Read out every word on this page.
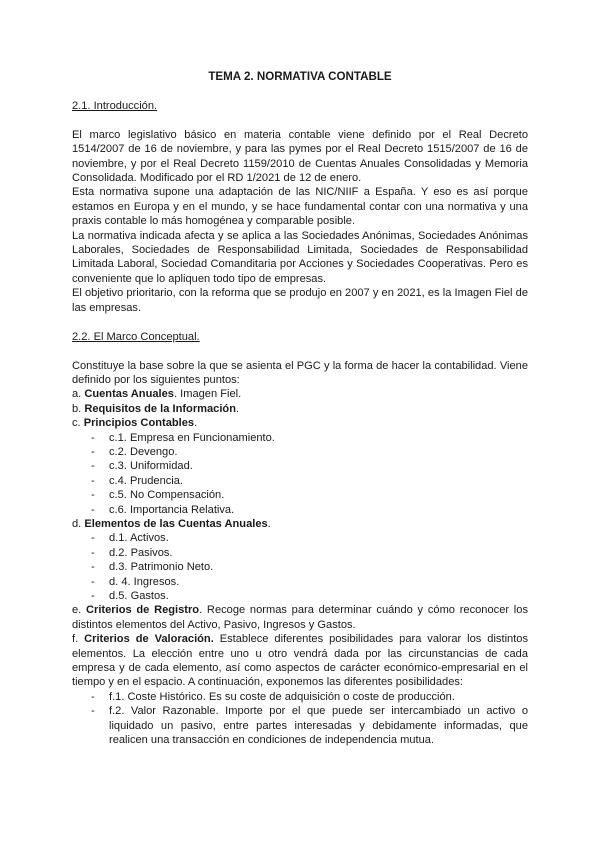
TEMA 2. NORMATIVA CONTABLE
2.1. Introducción.

El marco legislativo básico en materia contable viene definido por el Real Decreto 1514/2007 de 16 de noviembre, y para las pymes por el Real Decreto 1515/2007 de 16 de noviembre, y por el Real Decreto 1159/2010 de Cuentas Anuales Consolidadas y Memoria Consolidada. Modificado por el RD 1/2021 de 12 de enero.

Esta normativa supone una adaptación de las NIC/NIIF a España. Y eso es así porque estamos en Europa y en el mundo, y se hace fundamental contar con una normativa y una praxis contable lo más homogénea y comparable posible.

La normativa indicada afecta y se aplica a las Sociedades Anónimas, Sociedades Anónimas Laborales, Sociedades de Responsabilidad Limitada, Sociedades de Responsabilidad Limitada Laboral, Sociedad Comanditaria por Acciones y Sociedades Cooperativas. Pero es conveniente que lo apliquen todo tipo de empresas.

El objetivo prioritario, con la reforma que se produjo en 2007 y en 2021, es la Imagen Fiel de las empresas.

2.2. El Marco Conceptual.

Constituye la base sobre la que se asienta el PGC y la forma de hacer la contabilidad. Viene definido por los siguientes puntos:

a. Cuentas Anuales. Imagen Fiel.

b. Requisitos de la Información.

c. Principios Contables.

- c.1. Empresa en Funcionamiento.
- c.2. Devengo.
- c.3. Uniformidad.
- c.4. Prudencia.
- c.5. No Compensación.
- c.6. Importancia Relativa.

d. Elementos de las Cuentas Anuales.

- d.1. Activos.
- d.2. Pasivos.
- d.3. Patrimonio Neto.
- d. 4. Ingresos.
- d.5. Gastos.

e. Criterios de Registro. Recoge normas para determinar cuándo y cómo reconocer los distintos elementos del Activo, Pasivo, Ingresos y Gastos.

f. Criterios de Valoración. Establece diferentes posibilidades para valorar los distintos elementos. La elección entre uno u otro vendrá dada por las circunstancias de cada empresa y de cada elemento, así como aspectos de carácter económico-empresarial en el tiempo y en el espacio. A continuación, exponemos las diferentes posibilidades:

- f.1. Coste Histórico. Es su coste de adquisición o coste de producción.
- f.2. Valor Razonable. Importe por el que puede ser intercambiado un activo o liquidado un pasivo, entre partes interesadas y debidamente informadas, que realicen una transacción en condiciones de independencia mutua.
